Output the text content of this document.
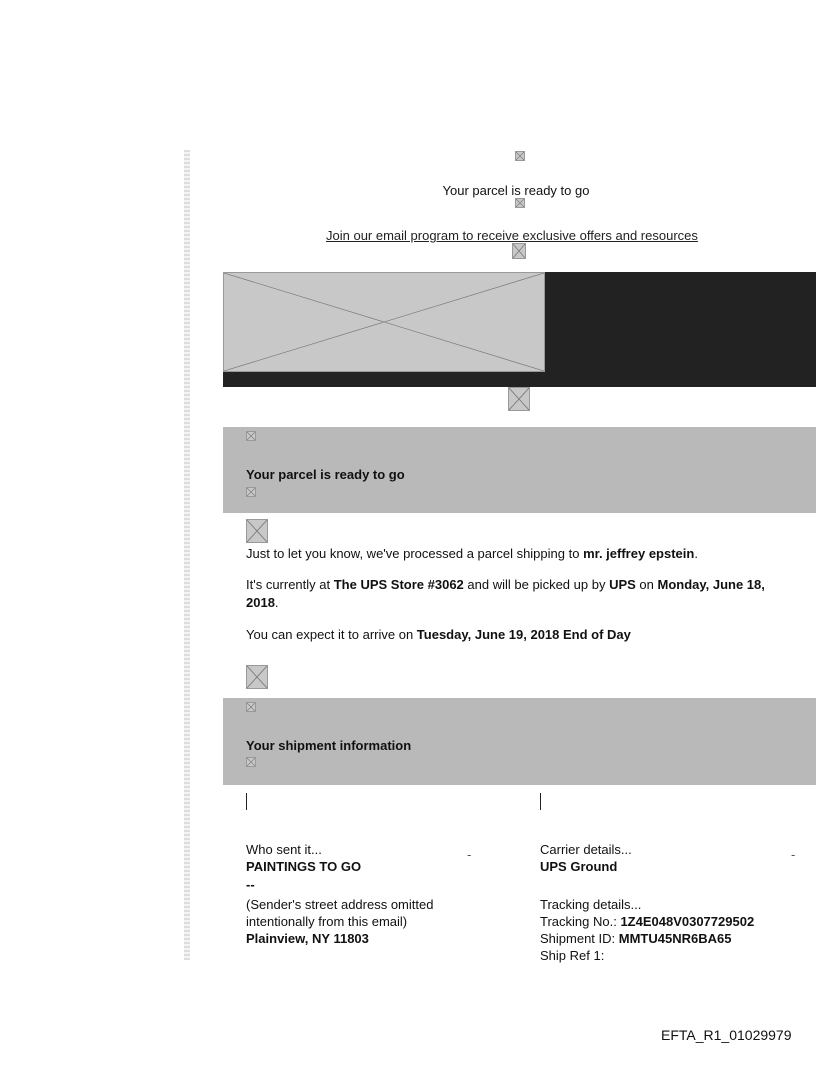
Your parcel is ready to go
Join our email program to receive exclusive offers and resources
Your parcel is ready to go
Just to let you know, we've processed a parcel shipping to mr. jeffrey epstein.
It's currently at The UPS Store #3062 and will be picked up by UPS on Monday, June 18,
2018.
You can expect it to arrive on Tuesday, June 19, 2018 End of Day
Your shipment information
Who sent it...
PAINTINGS TO GO
--
(Sender's street address omitted
intentionally from this email)
Plainview, NY 11803
-	Carrier details...
UPS Ground
Tracking details...
Tracking No.: 1Z4E048V0307729502
Shipment ID: MMTU45NR6BA65
Ship Ref 1:
-
EFTA_R1_01029979
